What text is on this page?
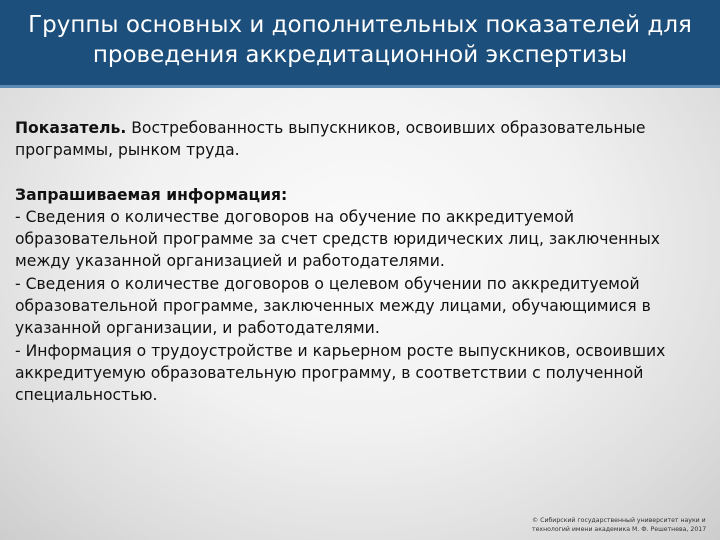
Группы основных и дополнительных показателей для проведения аккредитационной экспертизы

Показатель. Востребованность выпускников, освоивших образовательные программы, рынком труда.

Запрашиваемая информация:
- Сведения о количестве договоров на обучение по аккредитуемой образовательной программе за счет средств юридических лиц, заключенных между указанной организацией и работодателями.
- Сведения о количестве договоров о целевом обучении по аккредитуемой образовательной программе, заключенных между лицами, обучающимися в указанной организации, и работодателями.
- Информация о трудоустройстве и карьерном росте выпускников, освоивших аккредитуемую образовательную программу, в соответствии с полученной специальностью.
© Сибирский государственный университет науки и технологий имени академика М. Ф. Решетнева, 2017
